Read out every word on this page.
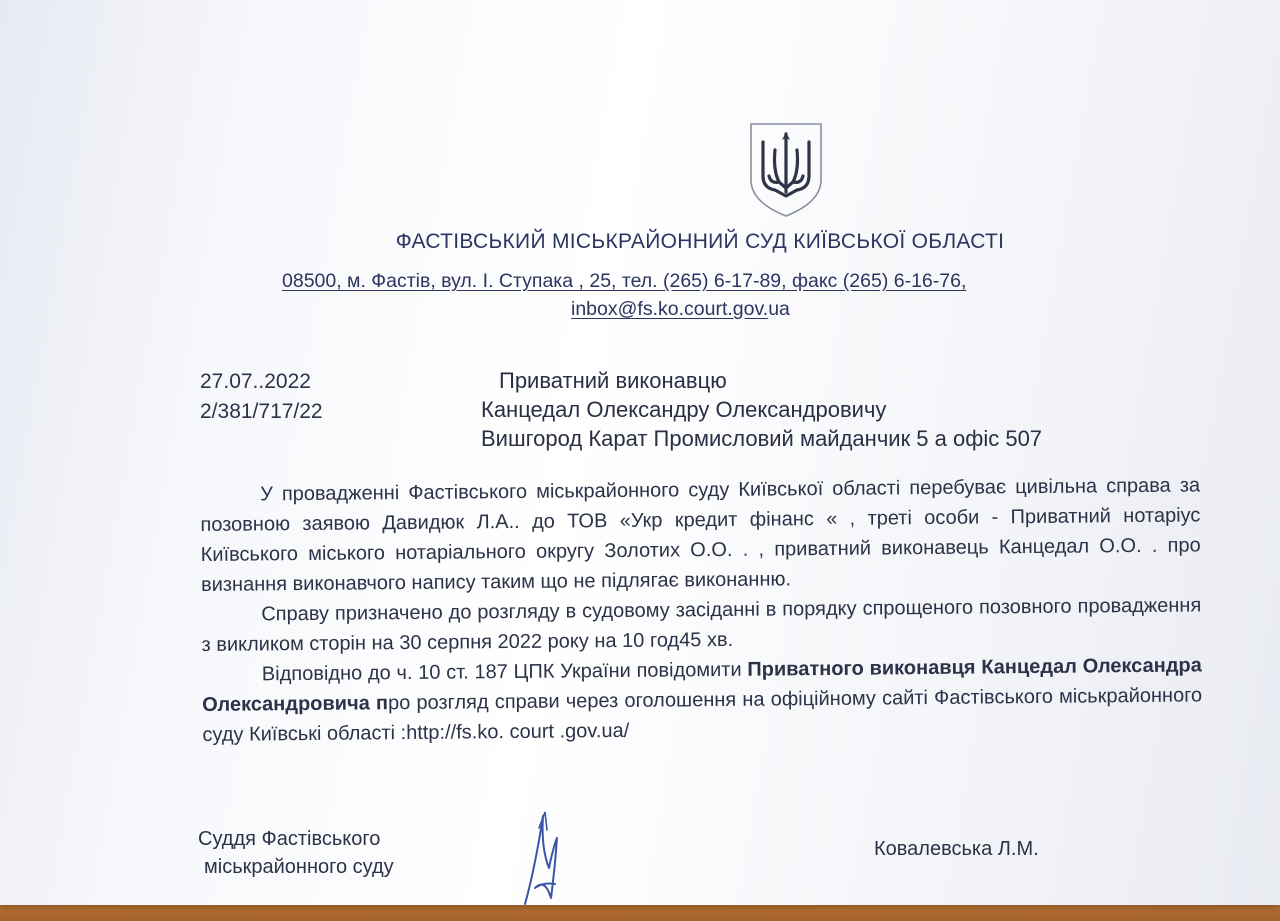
ФАСТІВСЬКИЙ МІСЬКРАЙОННИЙ СУД КИЇВСЬКОЇ ОБЛАСТІ
08500, м. Фастів, вул. І. Ступака , 25, тел. (265) 6-17-89, факс (265) 6-16-76,
inbox@fs.ko.court.gov.ua
27.07..2022
2/381/717/22
Приватний виконавцю
Канцедал Олександру Олександровичу
Вишгород Карат Промисловий майданчик 5 а офіс 507

У провадженні Фастівського міськрайонного суду Київської області перебуває цивільна справа за позовною заявою Давидюк Л.А.. до ТОВ «Укр кредит фінанс « , треті особи - Приватний нотаріус Київського міського нотаріального округу Золотих О.О. . , приватний виконавець Канцедал О.О. . про визнання виконавчого напису таким що не підлягає виконанню.

Справу призначено до розгляду в судовому засіданні в порядку спрощеного позовного провадження з викликом сторін на 30 серпня 2022 року на 10 год45 хв.

Відповідно до ч. 10 ст. 187 ЦПК України повідомити Приватного виконавця Канцедал Олександра Олександровича про розгляд справи через оголошення на офіційному сайті Фастівського міськрайонного суду Київські області :http://fs.ko. court .gov.ua/

Суддя Фастівського
міськрайонного суду
Ковалевська Л.М.
